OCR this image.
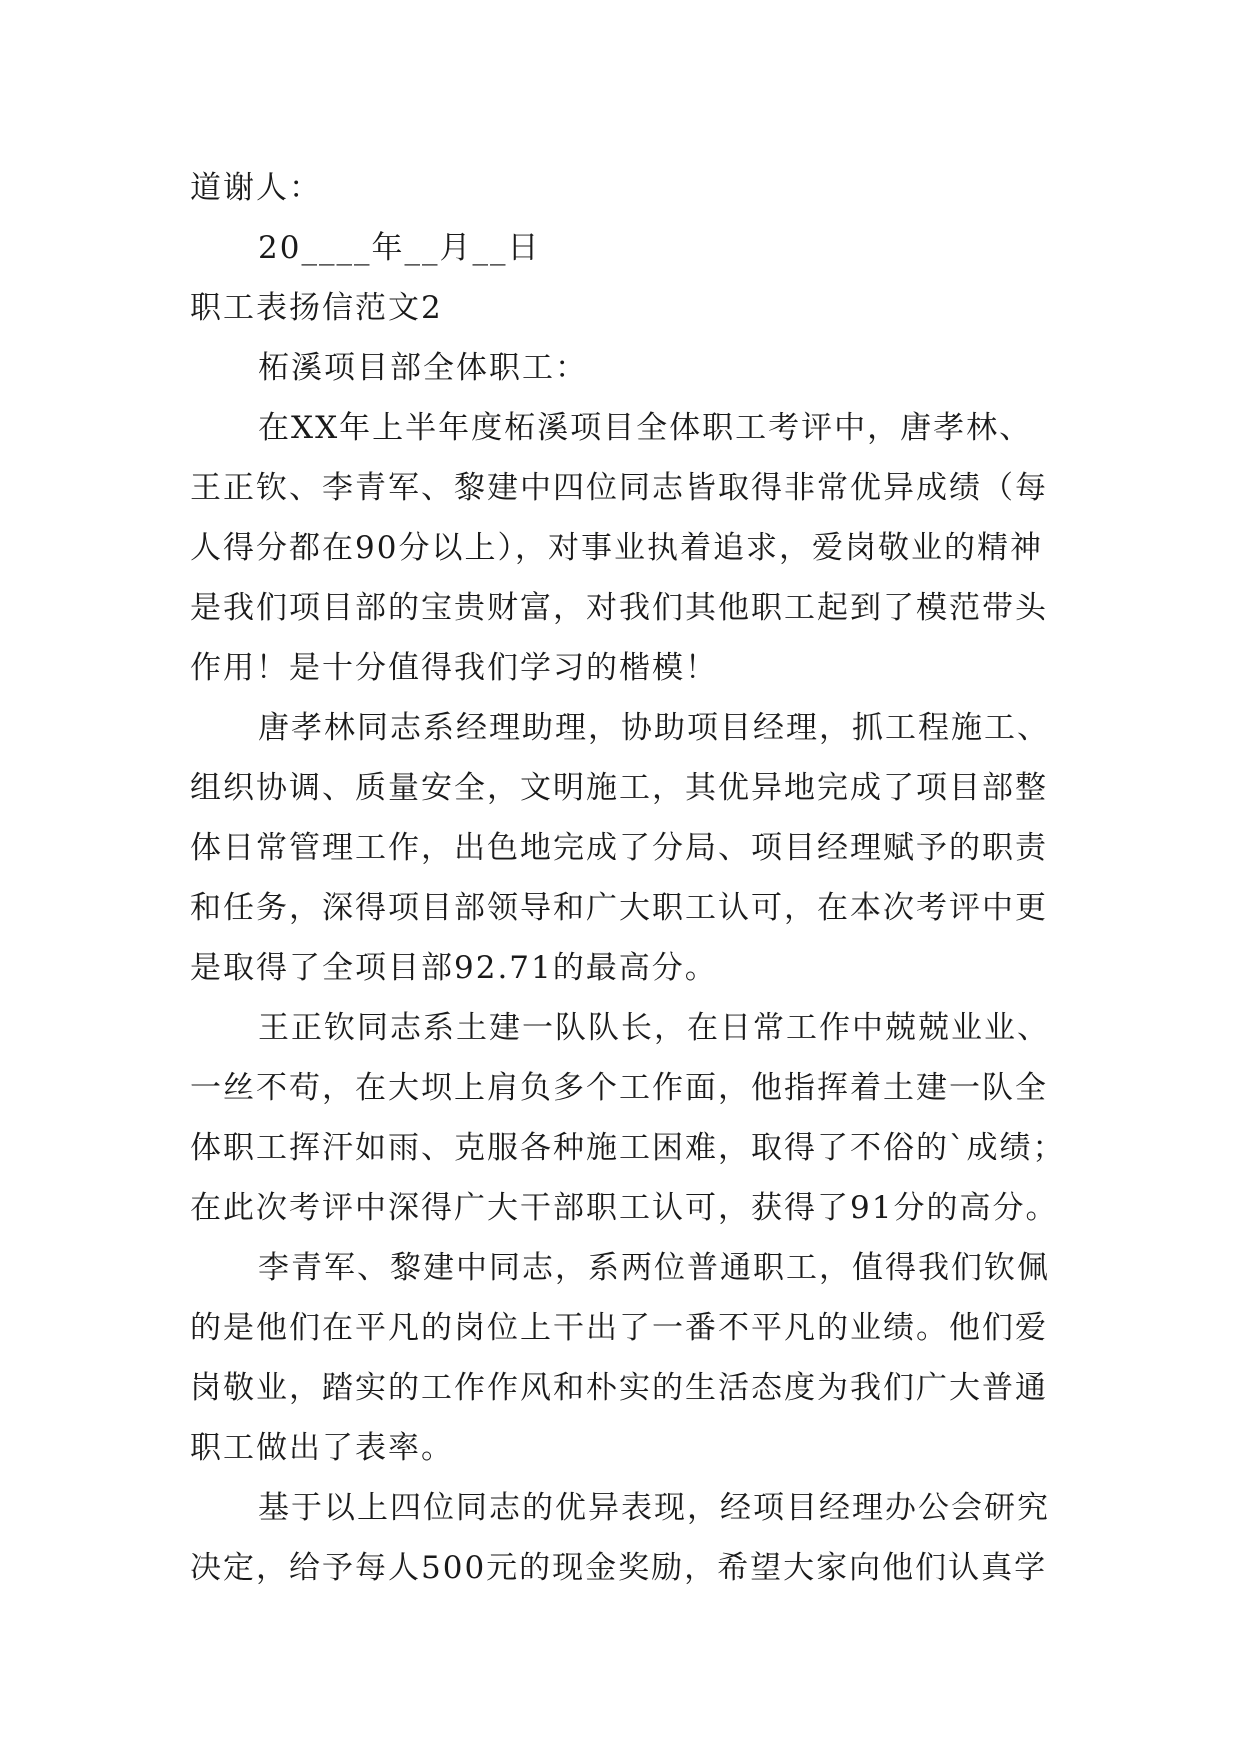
道谢人：
20____年__月__日
职工表扬信范文2
柘溪项目部全体职工：
在XX年上半年度柘溪项目全体职工考评中，唐孝林、
王正钦、李青军、黎建中四位同志皆取得非常优异成绩（每
人得分都在90分以上），对事业执着追求，爱岗敬业的精神
是我们项目部的宝贵财富，对我们其他职工起到了模范带头
作用！是十分值得我们学习的楷模！
唐孝林同志系经理助理，协助项目经理，抓工程施工、
组织协调、质量安全，文明施工，其优异地完成了项目部整
体日常管理工作，出色地完成了分局、项目经理赋予的职责
和任务，深得项目部领导和广大职工认可，在本次考评中更
是取得了全项目部92.71的最高分。
王正钦同志系土建一队队长，在日常工作中兢兢业业、
一丝不苟，在大坝上肩负多个工作面，他指挥着土建一队全
体职工挥汗如雨、克服各种施工困难，取得了不俗的`成绩；
在此次考评中深得广大干部职工认可，获得了91分的高分。
李青军、黎建中同志，系两位普通职工，值得我们钦佩
的是他们在平凡的岗位上干出了一番不平凡的业绩。他们爱
岗敬业，踏实的工作作风和朴实的生活态度为我们广大普通
职工做出了表率。
基于以上四位同志的优异表现，经项目经理办公会研究
决定，给予每人500元的现金奖励，希望大家向他们认真学
